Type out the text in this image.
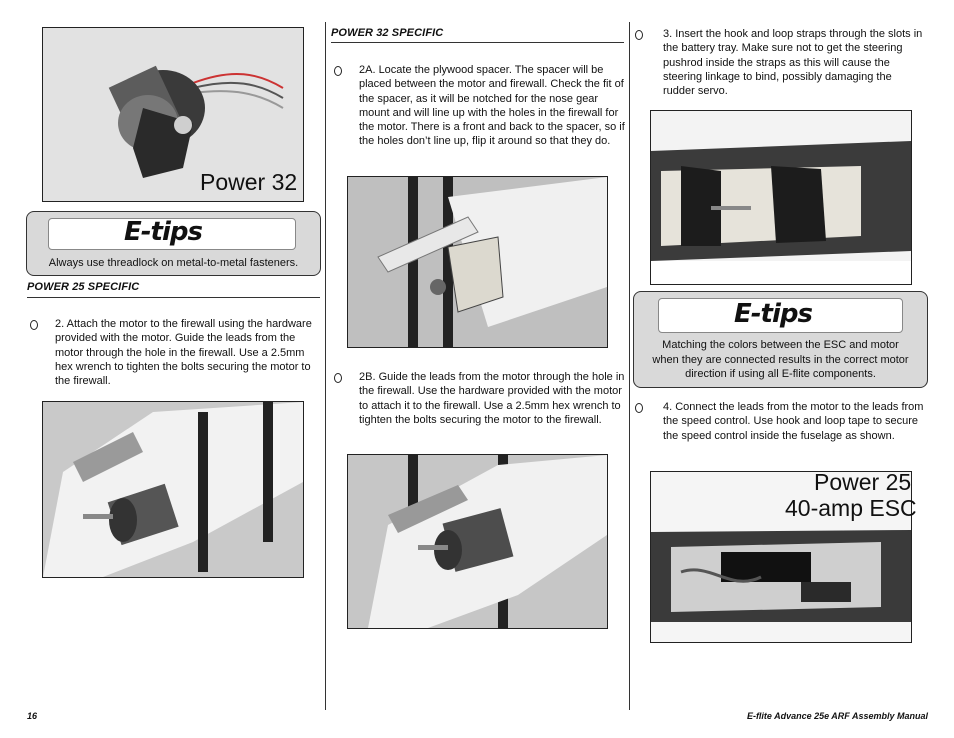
Power 32
E-tips
Always use threadlock on metal-to-metal fasteners.
POWER 25 SPECIFIC
2. Attach the motor to the firewall using the hardware provided with the motor. Guide the leads from the motor through the hole in the firewall. Use a 2.5mm hex wrench to tighten the bolts securing the motor to the firewall.
POWER 32 SPECIFIC
2A. Locate the plywood spacer. The spacer will be placed between the motor and firewall. Check the fit of the spacer, as it will be notched for the nose gear mount and will line up with the holes in the firewall for the motor. There is a front and back to the spacer, so if the holes don’t line up, flip it around so that they do.
2B. Guide the leads from the motor through the hole in the firewall. Use the hardware provided with the motor to attach it to the firewall. Use a 2.5mm hex wrench to tighten the bolts securing the motor to the firewall.
3. Insert the hook and loop straps through the slots in the battery tray. Make sure not to get the steering pushrod inside the straps as this will cause the steering linkage to bind, possibly damaging the rudder servo.
E-tips
Matching the colors between the ESC and motor when they are connected results in the correct motor direction if using all E-flite components.
4. Connect the leads from the motor to the leads from the speed control. Use hook and loop tape to secure the speed control inside the fuselage as shown.
Power 25
40-amp ESC
16	E-flite Advance 25e ARF Assembly Manual
